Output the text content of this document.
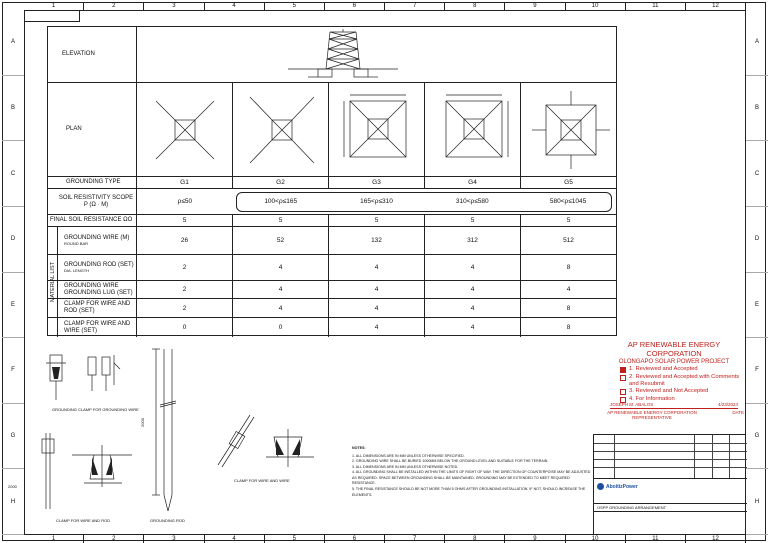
1	2	3	4	5	6	7	8	9	10	11	12
1	2	3	4	5	6	7	8	9	10	11	12
A
B
C
D
E
F
G
H
A
B
C
D
E
F
G
H
ELEVATION
PLAN
GROUNDING TYPE	G1	G2	G3	G4	G5
SOIL RESISTIVITY SCOPE
Ρ (Ω · M)	ρ≤50	100<ρ≤165	165<ρ≤310	310<ρ≤580	580<ρ≤1045
FINAL SOIL RESISTANCE ΩO	5	5	5	5	5
MATERIAL LIST
GROUNDING WIRE (M)
ROUND BAR	26	52	132	312	512
GROUNDING ROD (SET)
DIA. LENGTH	2	4	4	4	8
GROUNDING WIRE GROUNDING LUG (SET)	2	4	4	4	4
CLAMP FOR WIRE AND ROD (SET)	2	4	4	4	8
CLAMP FOR WIRE AND WIRE (SET)	0	0	4	4	8
GROUNDING CLAMP FOR GROUNDING WIRE
2000
CLAMP FOR WIRE AND ROD
2000
GROUNDING ROD
CLAMP FOR WIRE AND WIRE
NOTES:
1. ALL DIMENSIONS ARE IN MM UNLESS OTHERWISE SPECIFIED.
2. GROUNDING WIRE SHALL BE BURIED 1000MM BELOW THE GROUND LEVEL AND SUITABLE FOR THE TERRAIN.
3. ALL DIMENSIONS ARE IN MM UNLESS OTHERWISE NOTED.
4. ALL GROUNDING SHALL BE INSTALLED WITHIN THE LIMITS OF RIGHT OF WAY. THE DIRECTION OF COUNTERPOISE MAY BE ADJUSTED AS REQUIRED. SPACE BETWEEN GROUNDING SHALL BE MAINTAINED. GROUNDING MAY BE EXTENDED TO MEET REQUIRED RESISTANCE.
5. THE FINAL RESISTANCE SHOULD BE NOT MORE THAN 5 OHMS AFTER GROUNDING INSTALLATION. IF NOT, SHOULD INCREASE THE ELEMENTS.
AP RENEWABLE ENERGY CORPORATION
OLONGAPO SOLAR POWER PROJECT
1. Reviewed and Accepted
2. Reviewed and Accepted with Comments and Resubmit
3. Reviewed and Not Accepted
4. For Information
JOSEPH M. ABALOS	4/23/2024
AP RENEWABLE ENERGY CORPORATION REPRESENTATIVE
DATE
AboitizPower
OSPP GROUNDING ARRANGEMENT
